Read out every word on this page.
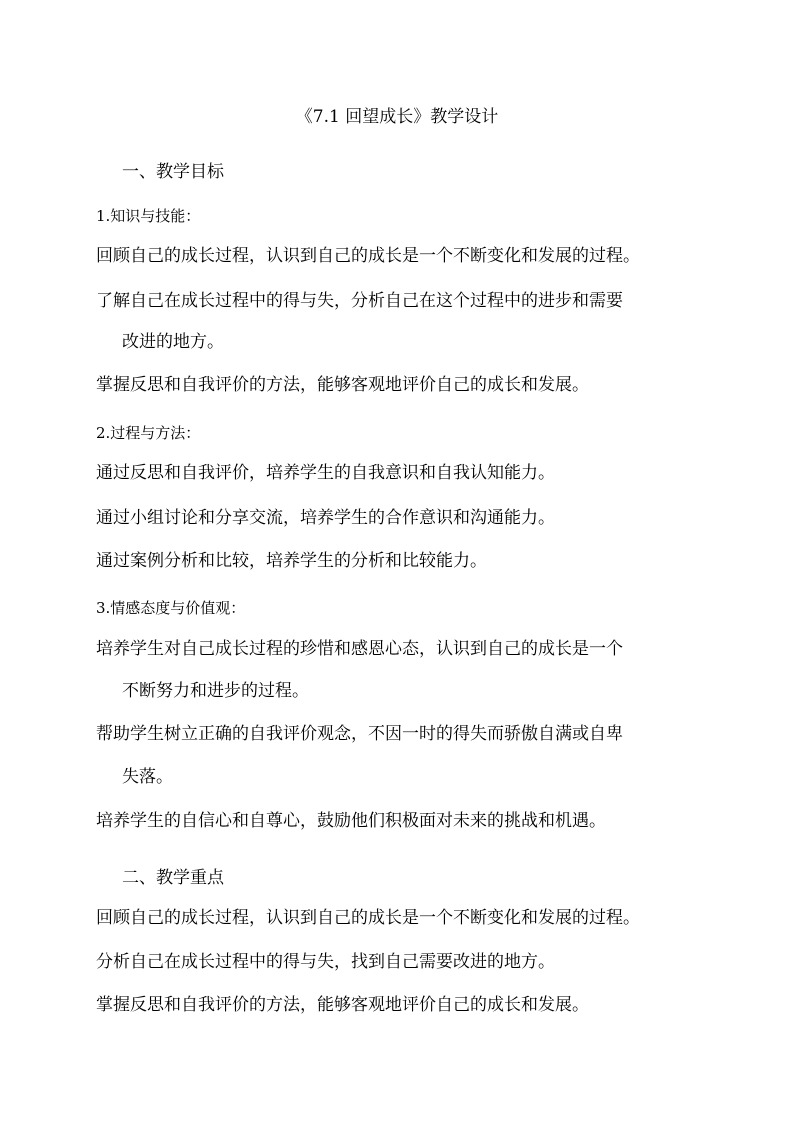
《7.1 回望成长》教学设计
一、教学目标
1.知识与技能：
回顾自己的成长过程，认识到自己的成长是一个不断变化和发展的过程。
了解自己在成长过程中的得与失，分析自己在这个过程中的进步和需要
改进的地方。
掌握反思和自我评价的方法，能够客观地评价自己的成长和发展。
2.过程与方法：
通过反思和自我评价，培养学生的自我意识和自我认知能力。
通过小组讨论和分享交流，培养学生的合作意识和沟通能力。
通过案例分析和比较，培养学生的分析和比较能力。
3.情感态度与价值观：
培养学生对自己成长过程的珍惜和感恩心态，认识到自己的成长是一个
不断努力和进步的过程。
帮助学生树立正确的自我评价观念，不因一时的得失而骄傲自满或自卑
失落。
培养学生的自信心和自尊心，鼓励他们积极面对未来的挑战和机遇。
二、教学重点
回顾自己的成长过程，认识到自己的成长是一个不断变化和发展的过程。
分析自己在成长过程中的得与失，找到自己需要改进的地方。
掌握反思和自我评价的方法，能够客观地评价自己的成长和发展。
